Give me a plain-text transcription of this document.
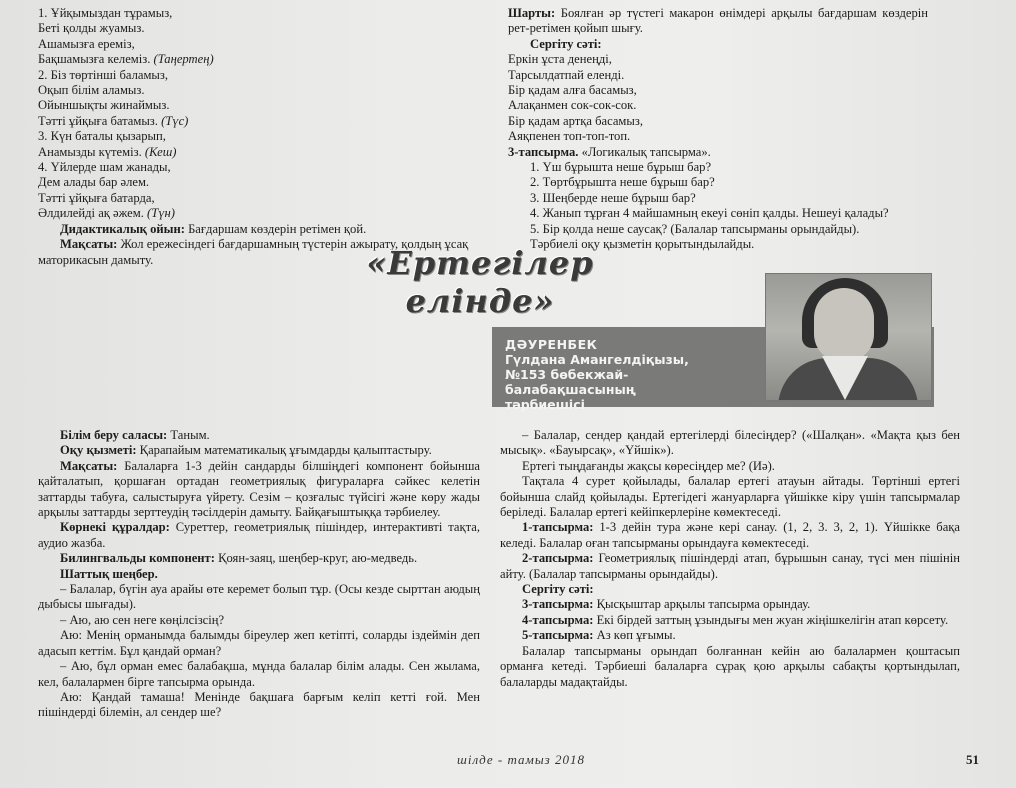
1. Ұйқымыздан тұрамыз,

Беті қолды жуамыз.

Ашамызға ереміз,

Бақшамызға келеміз. (Таңертең)

2. Біз төртінші баламыз,

Оқып білім аламыз.

Ойыншықты жинаймыз.

Тәтті ұйқыға батамыз. (Түс)

3. Күн баталы қызарып,

Анамызды күтеміз. (Кеш)

4. Үйлерде шам жанады,

Дем алады бар әлем.

Тәтті ұйқыға батарда,

Әлдилейді ақ әжем. (Түн)

Дидактикалық ойын: Бағдаршам көздерін ретімен қой.

Мақсаты: Жол ережесіндегі бағдаршамның түстерін ажырату, қолдың ұсақ маторикасын дамыту.

Шарты: Боялған әр түстегі макарон өнімдері арқылы бағдаршам көздерін рет-ретімен қойып шығу.

Сергіту сәті:

Еркін ұста денеңді,

Тарсылдатпай еленді.

Бір қадам алға басамыз,

Алақанмен сок-сок-сок.

Бір қадам артқа басамыз,

Аяқпенен топ-топ-топ.

3-тапсырма. «Логикалық тапсырма».

1. Үш бұрышта неше бұрыш бар?

2. Төртбұрышта неше бұрыш бар?

3. Шеңберде неше бұрыш бар?

4. Жанып тұрған 4 майшамның екеуі сөніп қалды. Нешеуі қалады?

5. Бір қолда неше саусақ? (Балалар тапсырманы орындайды).

Тәрбиелі оқу қызметін қорытындылайды.

«Ертегілер елінде»
ДӘУРЕНБЕК
Гүлдана Амангелдіқызы,
№153 бөбекжай-
балабақшасының
тәрбиешісі

Білім беру саласы: Таным.

Оқу қызметі: Қарапайым математикалық ұғымдарды қалыптастыру.

Мақсаты: Балаларға 1-3 дейін сандарды білшіңдегі компонент бойынша қайталатып, қоршаған ортадан геометриялық фигураларға сәйкес келетін заттарды табуға, салыстыруға үйрету. Сезім – қозғалыс түйсігі және көру жады арқылы заттарды зерттеудің тәсілдерін дамыту. Байқағыштыққа тәрбиелеу.

Көрнекі құралдар: Суреттер, геометриялық пішіндер, интерактивті тақта, аудио жазба.

Билингвальды компонент: Қоян-заяц, шеңбер-круг, аю-медведь.

Шаттық шеңбер.

– Балалар, бүгін ауа арайы өте керемет болып тұр. (Осы кезде сырттан аюдың дыбысы шығады).

– Аю, аю сен неге көңілсізсің?

Аю: Менің орманымда балымды біреулер жеп кетіпті, соларды іздеймін деп адасып кеттім. Бұл қандай орман?

– Аю, бұл орман емес балабақша, мұнда балалар білім алады. Сен жылама, кел, балалармен бірге тапсырма орында.

Аю: Қандай тамаша! Менінде бақшаға барғым келіп кетті ғой. Мен пішіндерді білемін, ал сендер ше?

– Балалар, сендер қандай ертегілерді білесіңдер? («Шалқан». «Мақта қыз бен мысық». «Бауырсақ», «Үйшік»).

Ертегі тыңдағанды жақсы көресіңдер ме? (Иә).

Тақтала 4 сурет қойылады, балалар ертегі атауын айтады. Төртінші ертегі бойынша слайд қойылады. Ертегідегі жануарларға үйшікке кіру үшін тапсырмалар беріледі. Балалар ертегі кейіпкерлеріне көмектеседі.

1-тапсырма: 1-3 дейін тура және кері санау. (1, 2, 3. 3, 2, 1). Үйшікке бақа келеді. Балалар оған тапсырманы орындауға көмектеседі.

2-тапсырма: Геометриялық пішіндерді атап, бұрышын санау, түсі мен пішінін айту. (Балалар тапсырманы орындайды).

Сергіту сәті:

3-тапсырма: Қысқыштар арқылы тапсырма орындау.

4-тапсырма: Екі бірдей заттың ұзындығы мен жуан жіңішкелігін атап көрсету.

5-тапсырма: Аз көп ұғымы.

Балалар тапсырманы орындап болғаннан кейін аю балалармен қоштасып орманға кетеді. Тәрбиеші балаларға сұрақ қою арқылы сабақты қортындылап, балаларды мадақтайды.

шілде - тамыз 2018	51
